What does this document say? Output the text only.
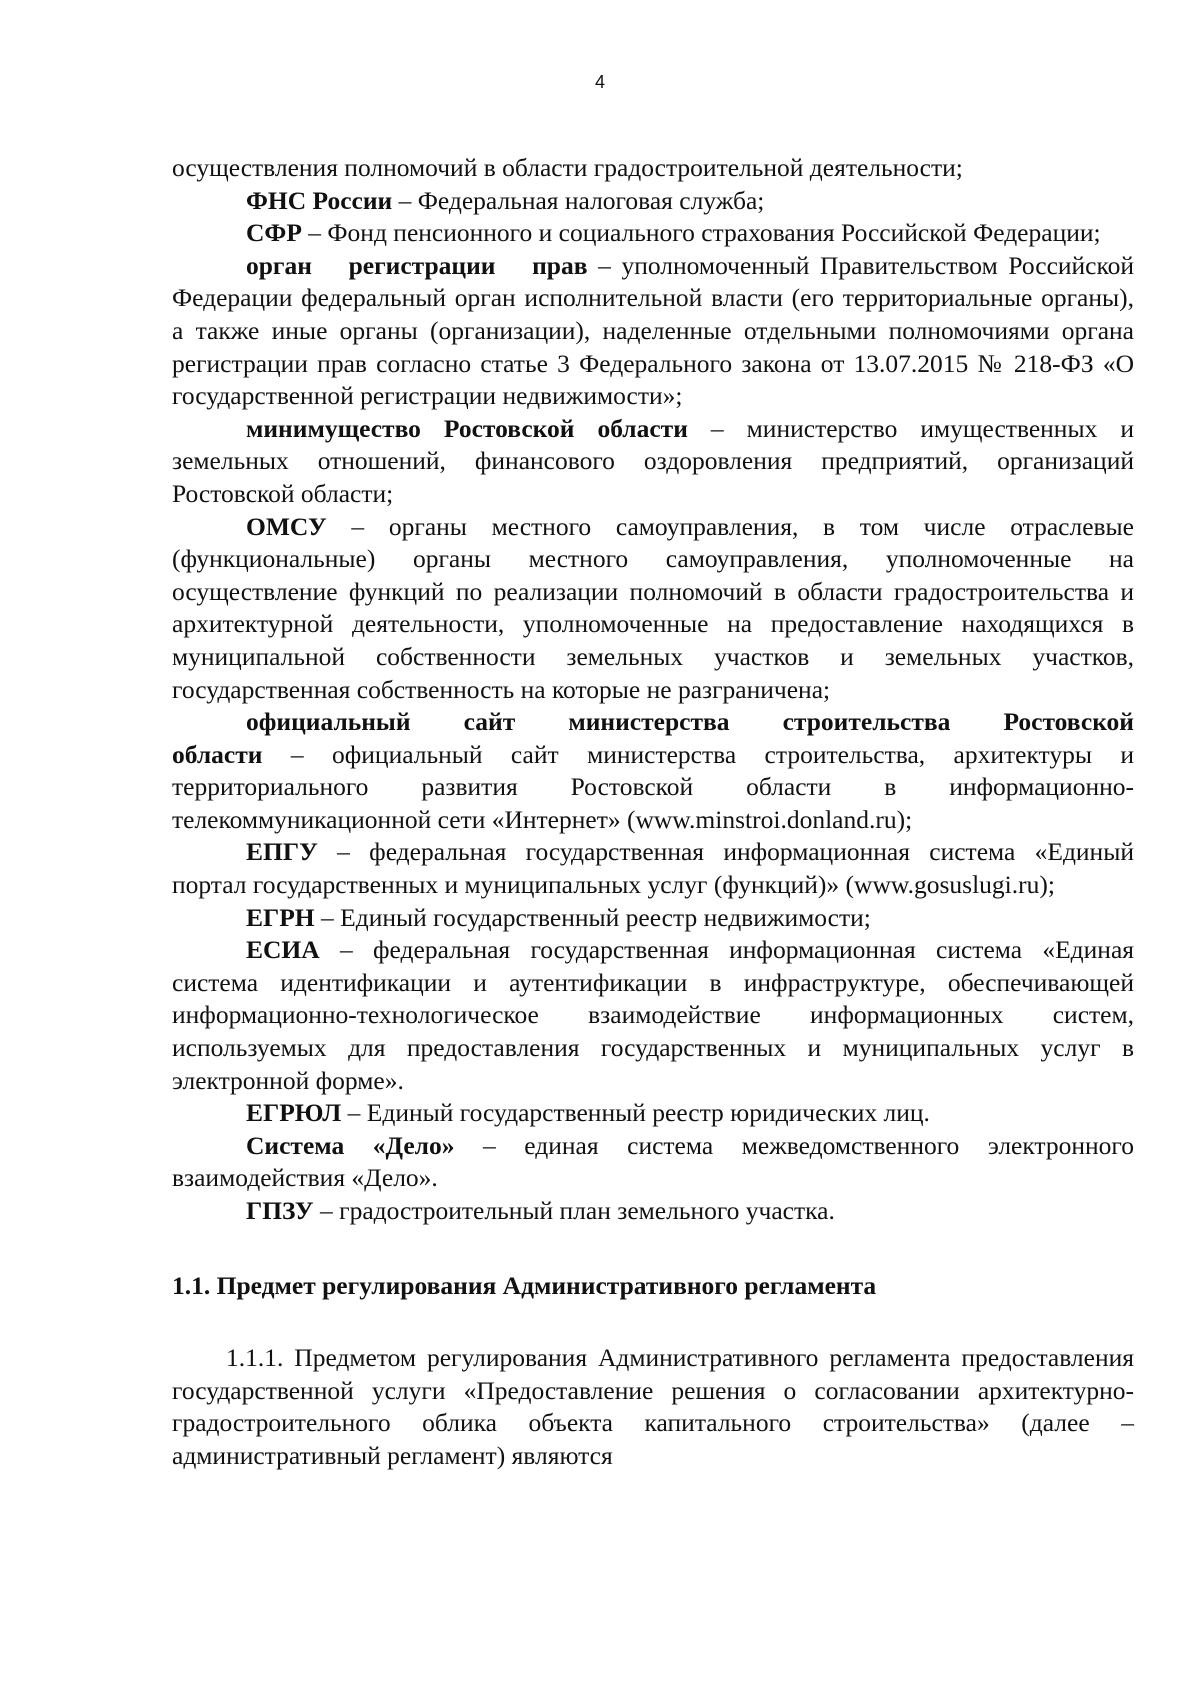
4

осуществления полномочий в области градостроительной деятельности;

ФНС России – Федеральная налоговая служба;

СФР – Фонд пенсионного и социального страхования Российской Федерации;

орган регистрации прав – уполномоченный Правительством Российской Федерации федеральный орган исполнительной власти (его территориальные органы), а также иные органы (организации), наделенные отдельными полномочиями органа регистрации прав согласно статье 3 Федерального закона от 13.07.2015 № 218-ФЗ «О государственной регистрации недвижимости»;

минимущество Ростовской области – министерство имущественных и земельных отношений, финансового оздоровления предприятий, организаций Ростовской области;

ОМСУ – органы местного самоуправления, в том числе отраслевые (функциональные) органы местного самоуправления, уполномоченные на осуществление функций по реализации полномочий в области градостроительства и архитектурной деятельности, уполномоченные на предоставление находящихся в муниципальной собственности земельных участков и земельных участков, государственная собственность на которые не разграничена;

официальный сайт министерства строительства Ростовской области – официальный сайт министерства строительства, архитектуры и территориального развития Ростовской области в информационно-телекоммуникационной сети «Интернет» (www.minstroi.donland.ru);

ЕПГУ – федеральная государственная информационная система «Единый портал государственных и муниципальных услуг (функций)» (www.gosuslugi.ru);

ЕГРН – Единый государственный реестр недвижимости;

ЕСИА – федеральная государственная информационная система «Единая система идентификации и аутентификации в инфраструктуре, обеспечивающей информационно-технологическое взаимодействие информационных систем, используемых для предоставления государственных и муниципальных услуг в электронной форме».

ЕГРЮЛ – Единый государственный реестр юридических лиц.

Система «Дело» – единая система межведомственного электронного взаимодействия «Дело».

ГПЗУ – градостроительный план земельного участка.

1.1. Предмет регулирования Административного регламента

1.1.1. Предметом регулирования Административного регламента предоставления государственной услуги «Предоставление решения о согласовании архитектурно-градостроительного облика объекта капитального строительства» (далее – административный регламент) являются
